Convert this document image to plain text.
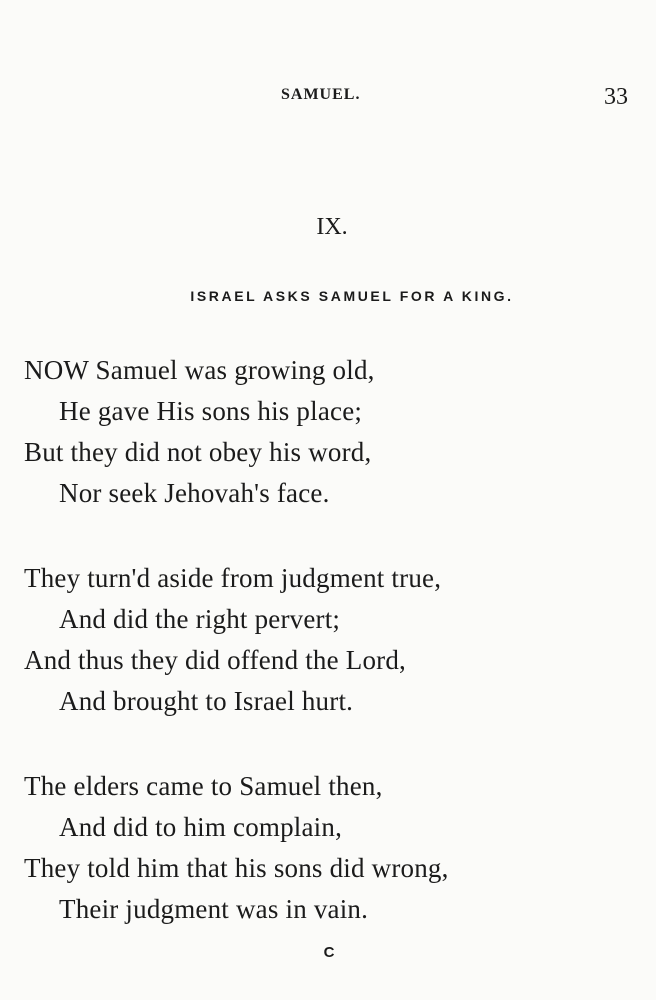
SAMUEL.	33
IX.
ISRAEL ASKS SAMUEL FOR A KING.
NOW Samuel was growing old,
He gave His sons his place;
But they did not obey his word,
Nor seek Jehovah's face.
They turn'd aside from judgment true,
And did the right pervert;
And thus they did offend the Lord,
And brought to Israel hurt.
The elders came to Samuel then,
And did to him complain,
They told him that his sons did wrong,
Their judgment was in vain.
C
